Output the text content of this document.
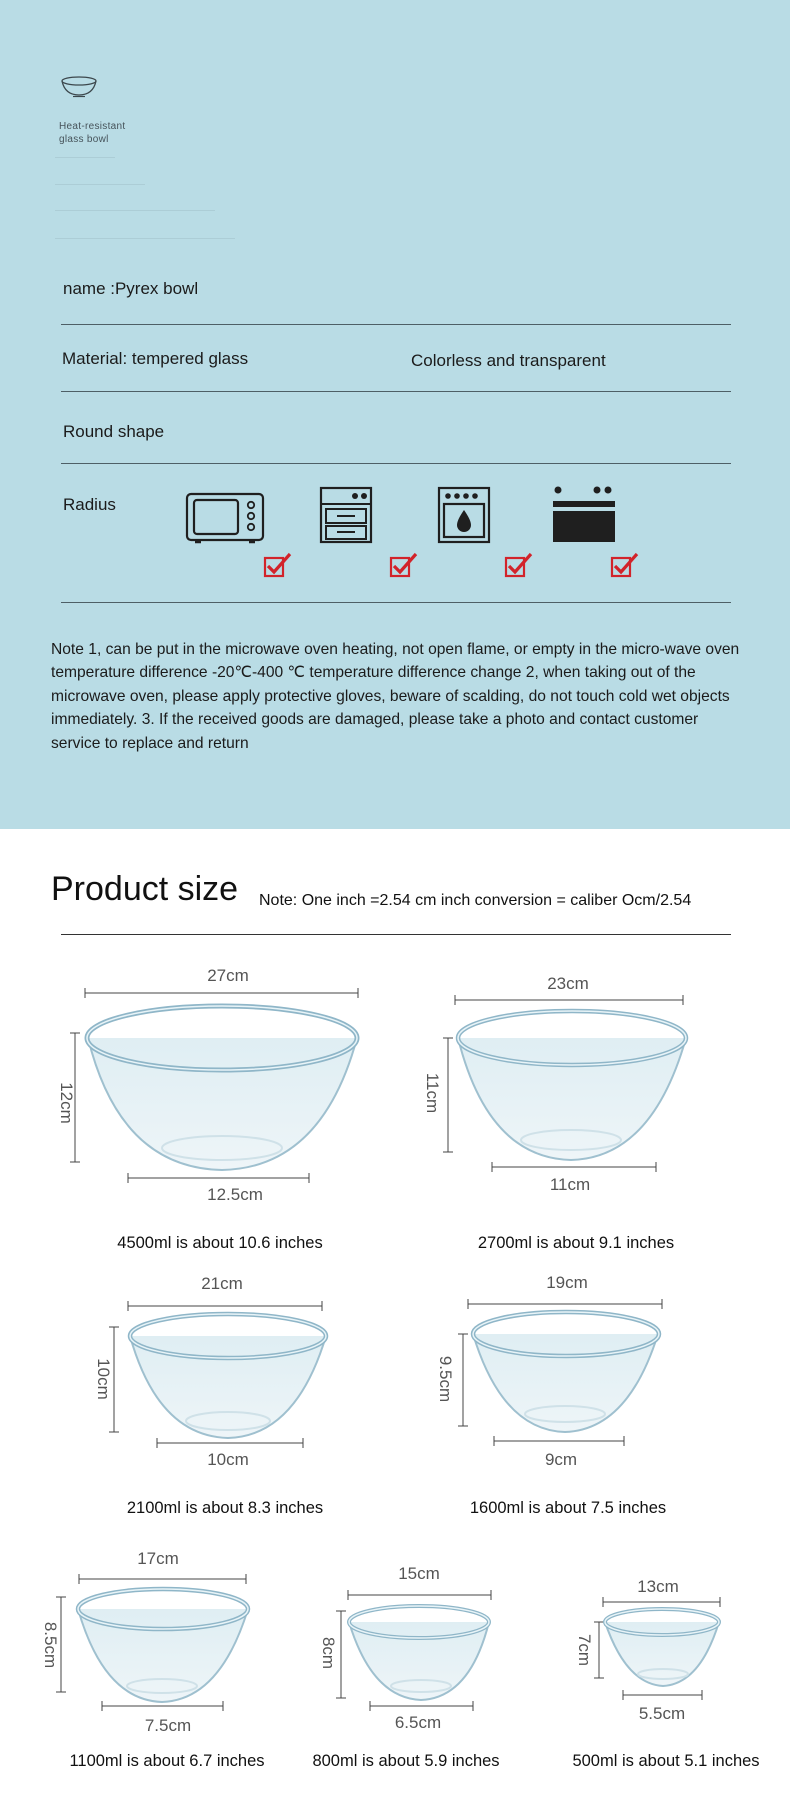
Heat-resistant
glass bowl
name :Pyrex bowl
Material: tempered glass	Colorless and transparent
Round shape
Radius
Note 1, can be put in the microwave oven heating, not open flame, or empty in the micro-wave oven temperature difference -20℃-400 ℃ temperature difference change 2, when taking out of the microwave oven, please apply protective gloves, beware of scalding, do not touch cold wet objects immediately. 3. If the received goods are damaged, please take a photo and contact customer service to replace and return
Product size Note: One inch =2.54 cm inch conversion = caliber Ocm/2.54
27cm
12cm
12.5cm
4500ml is about 10.6 inches
23cm
11cm
11cm
2700ml is about 9.1 inches
21cm
10cm
10cm
2100ml is about 8.3 inches
19cm
9.5cm
9cm
1600ml is about 7.5 inches
17cm
8.5cm
7.5cm
1100ml is about 6.7 inches
15cm
8cm
6.5cm
800ml is about 5.9 inches
13cm
7cm
5.5cm
500ml is about 5.1 inches
